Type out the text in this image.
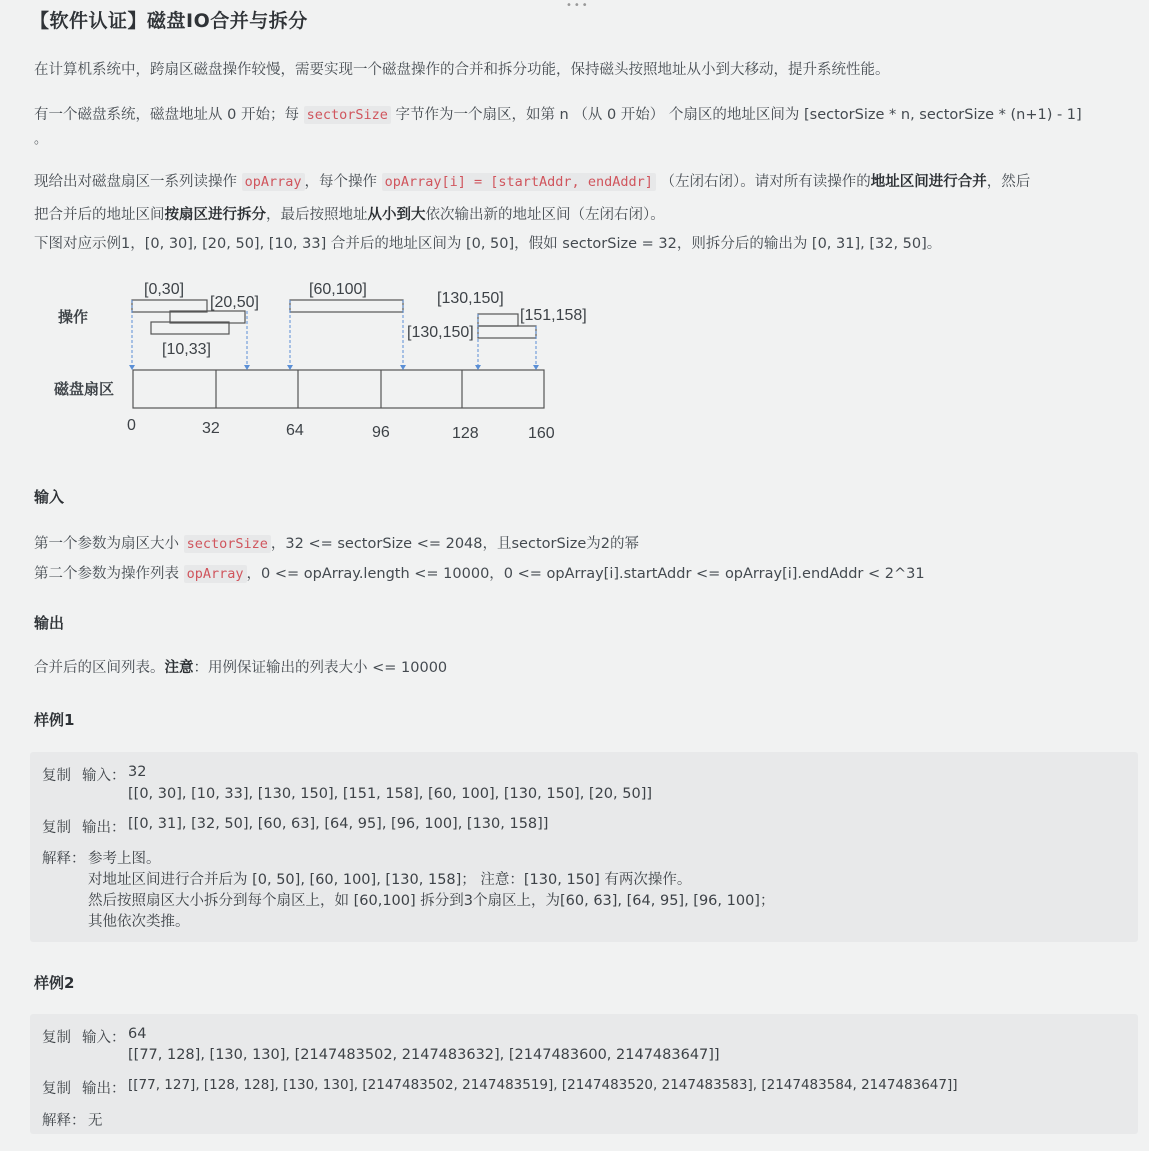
•••
【软件认证】磁盘IO合并与拆分
在计算机系统中，跨扇区磁盘操作较慢，需要实现一个磁盘操作的合并和拆分功能，保持磁头按照地址从小到大移动，提升系统性能。
有一个磁盘系统，磁盘地址从 0 开始；每 sectorSize 字节作为一个扇区，如第 n （从 0 开始） 个扇区的地址区间为 [sectorSize * n, sectorSize * (n+1) - 1]
。
现给出对磁盘扇区一系列读操作 opArray ，每个操作 opArray[i] = [startAddr, endAddr] （左闭右闭）。请对所有读操作的地址区间进行合并，然后
把合并后的地址区间按扇区进行拆分，最后按照地址从小到大依次输出新的地址区间（左闭右闭）。
下图对应示例1，[0, 30], [20, 50], [10, 33] 合并后的地址区间为 [0, 50]，假如 sectorSize = 32，则拆分后的输出为 [0, 31], [32, 50]。
操作
磁盘扇区
[0,30]
[20,50]
[10,33]
[60,100]
[130,150]
[130,150]
[151,158]
0	32	64	96	128	160
输入
第一个参数为扇区大小 sectorSize ，32 <= sectorSize <= 2048，且sectorSize为2的幂
第二个参数为操作列表 opArray ，0 <= opArray.length <= 10000，0 <= opArray[i].startAddr <= opArray[i].endAddr < 2^31
输出
合并后的区间列表。注意：用例保证输出的列表大小 <= 10000
样例1
复制 输入： 32
[[0, 30], [10, 33], [130, 150], [151, 158], [60, 100], [130, 150], [20, 50]]
复制 输出： [[0, 31], [32, 50], [60, 63], [64, 95], [96, 100], [130, 158]]
解释： 参考上图。
对地址区间进行合并后为 [0, 50], [60, 100], [130, 158]； 注意：[130, 150] 有两次操作。
然后按照扇区大小拆分到每个扇区上，如 [60,100] 拆分到3个扇区上，为[60, 63], [64, 95], [96, 100]；
其他依次类推。
样例2
复制 输入： 64
[[77, 128], [130, 130], [2147483502, 2147483632], [2147483600, 2147483647]]
复制 输出： [[77, 127], [128, 128], [130, 130], [2147483502, 2147483519], [2147483520, 2147483583], [2147483584, 2147483647]]
解释： 无
